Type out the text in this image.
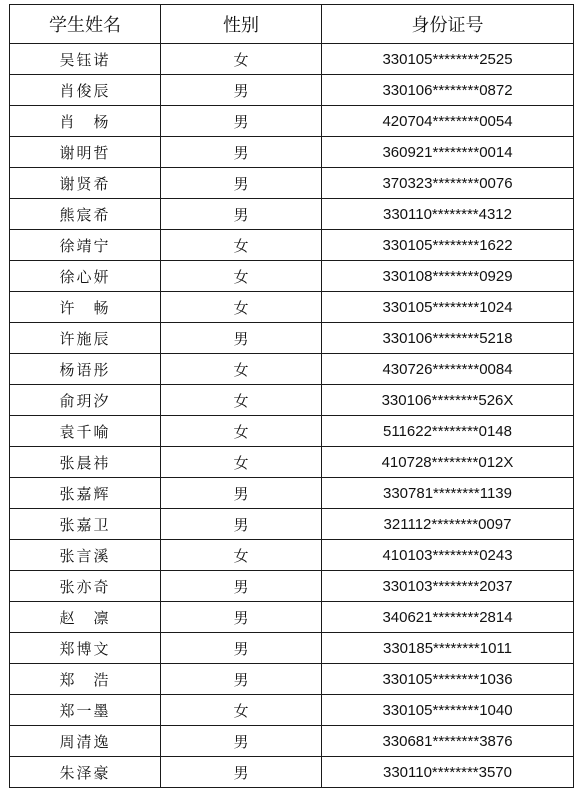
学生姓名	性别	身份证号
吴钰诺	女	330105********2525
肖俊辰	男	330106********0872
肖　杨	男	420704********0054
谢明哲	男	360921********0014
谢贤希	男	370323********0076
熊宸希	男	330110********4312
徐靖宁	女	330105********1622
徐心妍	女	330108********0929
许　畅	女	330105********1024
许施辰	男	330106********5218
杨语彤	女	430726********0084
俞玥汐	女	330106********526X
袁千喻	女	511622********0148
张晨祎	女	410728********012X
张嘉辉	男	330781********1139
张嘉卫	男	321112********0097
张言溪	女	410103********0243
张亦奇	男	330103********2037
赵　凛	男	340621********2814
郑博文	男	330185********1011
郑　浩	男	330105********1036
郑一墨	女	330105********1040
周清逸	男	330681********3876
朱泽豪	男	330110********3570
